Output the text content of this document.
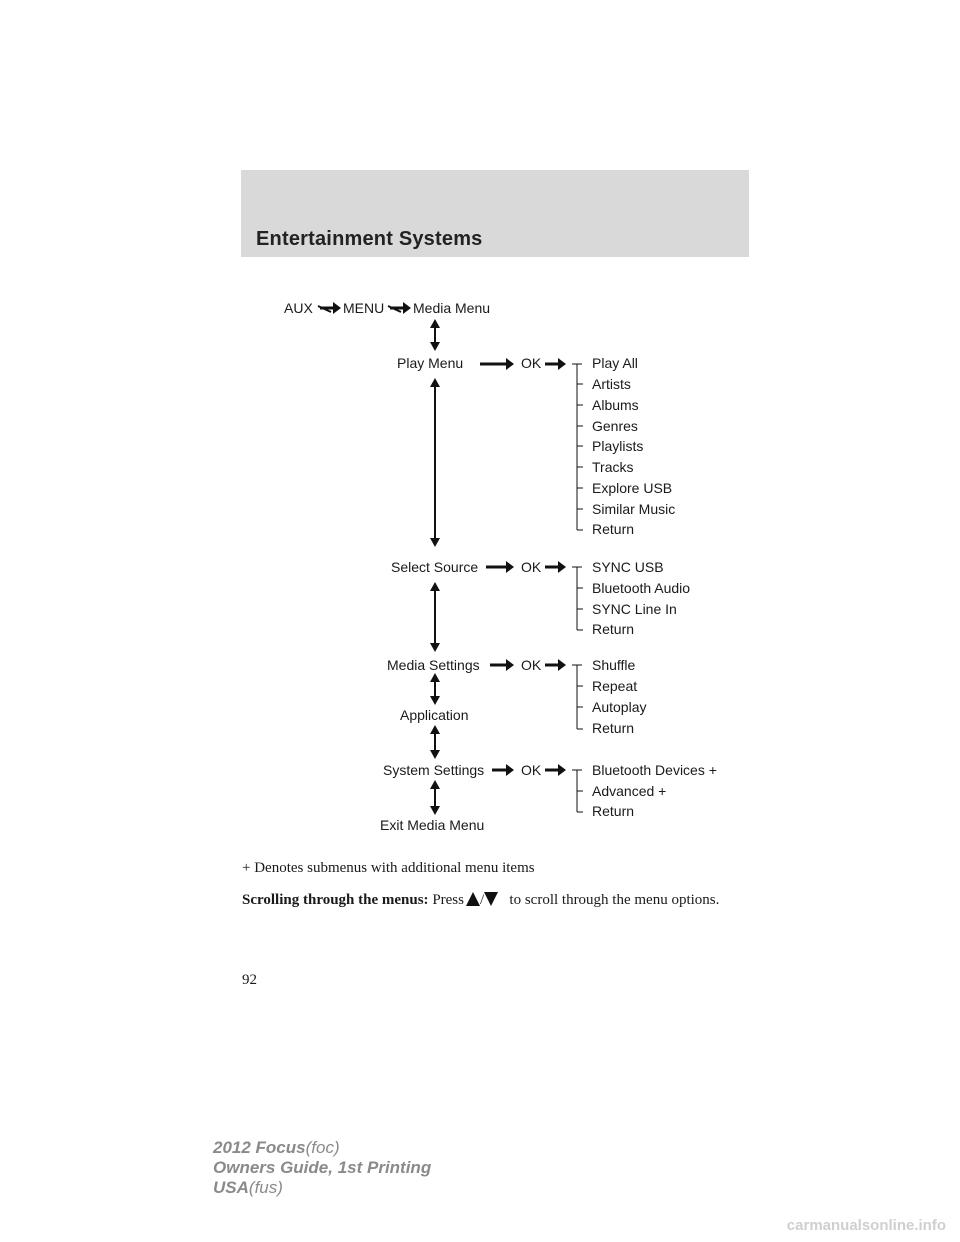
Entertainment Systems
AUX MENU Media Menu
Play Menu	OK	Play All
Artists
Albums
Genres
Playlists
Tracks
Explore USB
Similar Music
Return
Select Source	OK	SYNC USB
Bluetooth Audio
SYNC Line In
Return
Media Settings	OK	Shuffle
Repeat
Autoplay
Return
Application
System Settings	OK	Bluetooth Devices +
Advanced +
Return
Exit Media Menu
+ Denotes submenus with additional menu items
Scrolling through the menus: Press / to scroll through the menu options.
92
2012 Focus(foc)
Owners Guide, 1st Printing
USA(fus)
carmanualsonline.info
